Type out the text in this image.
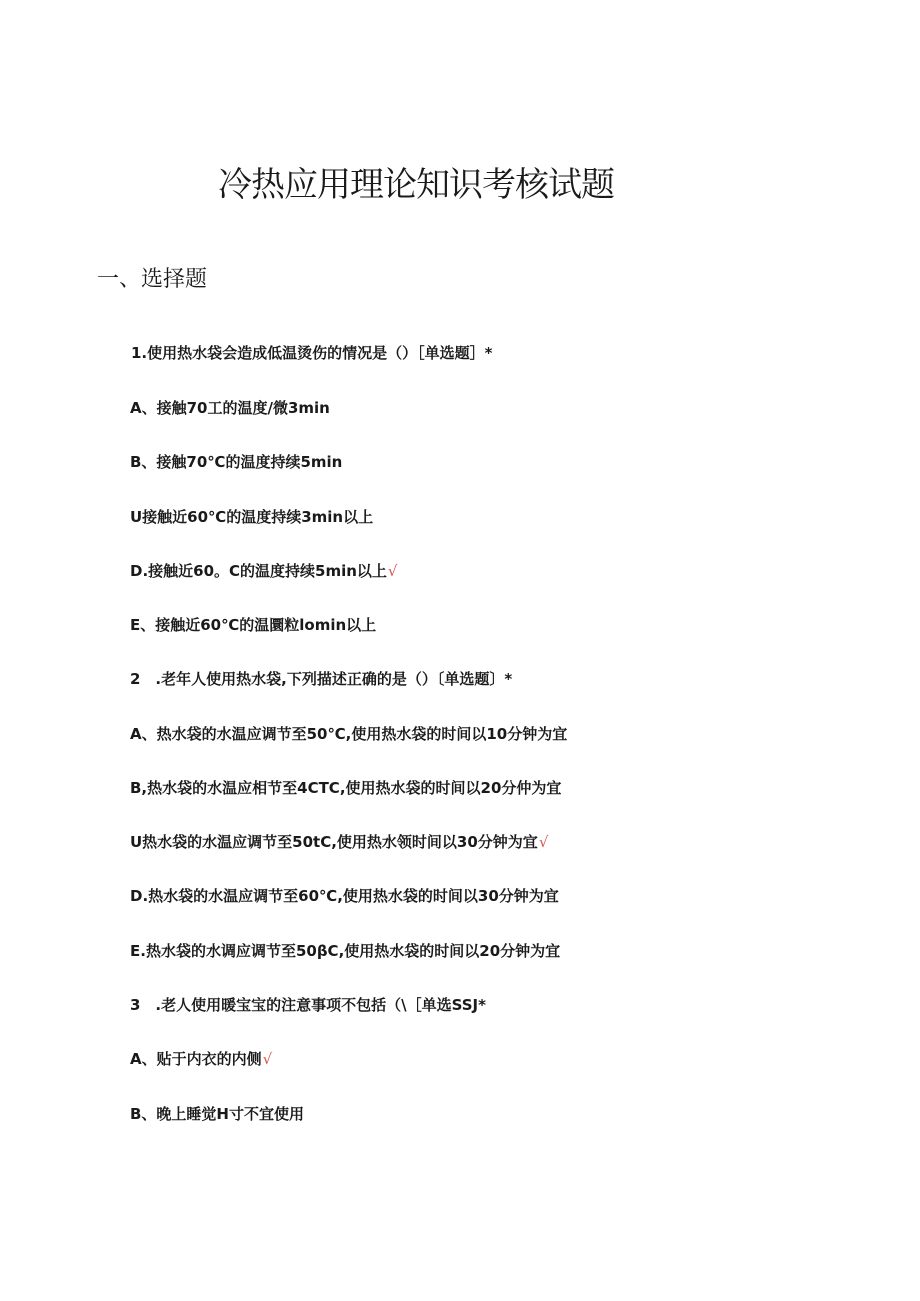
冷热应用理论知识考核试题
一、选择题
1.使用热水袋会造成低温烫伤的情况是（）［单选题］*
A、接触70工的温度/微3min
B、接触70℃的温度持续5min
U接触近60℃的温度持续3min以上
D.接触近60。C的温度持续5min以上√
E、接触近60℃的温圜粒lomin以上
2　.老年人使用热水袋,下列描述正确的是（）〔单选题〕*
A、热水袋的水温应调节至50℃,使用热水袋的时间以10分钟为宜
B,热水袋的水温应相节至4CTC,使用热水袋的时间以20分仲为宜
U热水袋的水温应调节至50tC,使用热水领时间以30分钟为宜√
D.热水袋的水温应调节至60℃,使用热水袋的时间以30分钟为宜
E.热水袋的水调应调节至50βC,使用热水袋的时间以20分钟为宜
3　.老人使用暖宝宝的注意事项不包括（\［单选SSJ*
A、贴于内衣的内侧√
B、晚上睡觉H寸不宜使用
